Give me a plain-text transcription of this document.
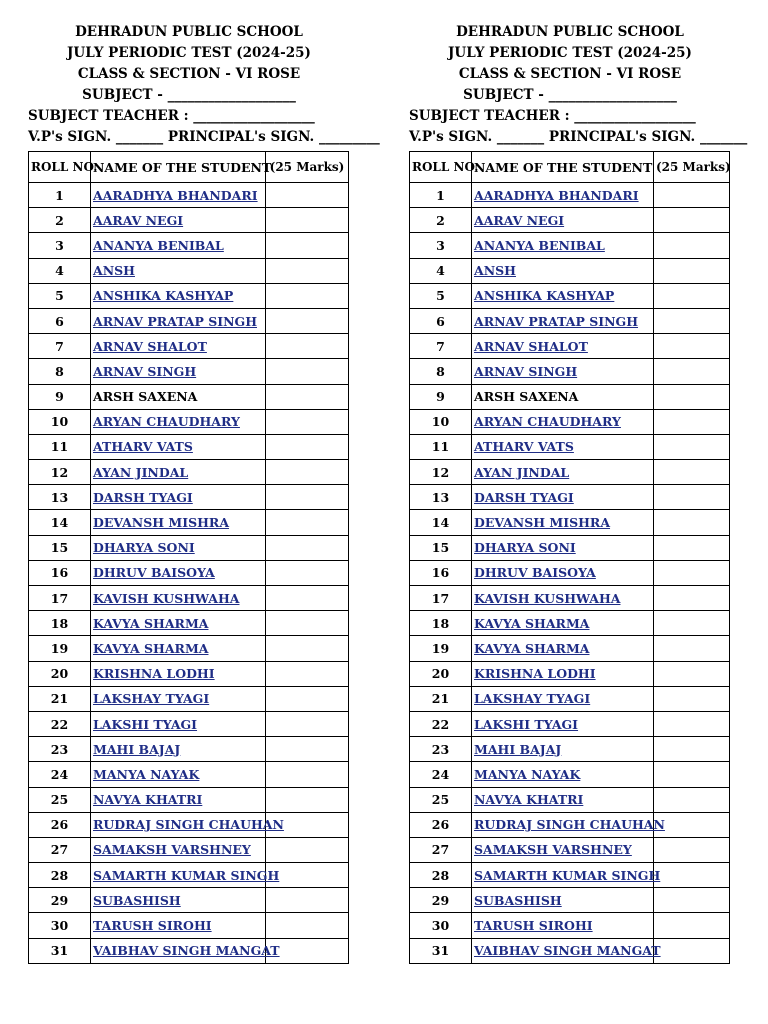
DEHRADUN PUBLIC SCHOOL
JULY PERIODIC TEST (2024-25)
CLASS & SECTION - VI ROSE
SUBJECT - ___________________
SUBJECT TEACHER : __________________
V.P's SIGN. _______ PRINCIPAL's SIGN. _________
ROLL NO.	NAME OF THE STUDENT	(25 Marks)
1	AARADHYA BHANDARI	
2	AARAV NEGI	
3	ANANYA BENIBAL	
4	ANSH	
5	ANSHIKA KASHYAP	
6	ARNAV PRATAP SINGH	
7	ARNAV SHALOT	
8	ARNAV SINGH	
9	ARSH SAXENA	
10	ARYAN CHAUDHARY	
11	ATHARV VATS	
12	AYAN JINDAL	
13	DARSH TYAGI	
14	DEVANSH MISHRA	
15	DHARYA SONI	
16	DHRUV BAISOYA	
17	KAVISH KUSHWAHA	
18	KAVYA SHARMA	
19	KAVYA SHARMA	
20	KRISHNA LODHI	
21	LAKSHAY TYAGI	
22	LAKSHI TYAGI	
23	MAHI BAJAJ	
24	MANYA NAYAK	
25	NAVYA KHATRI	
26	RUDRAJ SINGH CHAUHAN	
27	SAMAKSH VARSHNEY	
28	SAMARTH KUMAR SINGH	
29	SUBASHISH	
30	TARUSH SIROHI	
31	VAIBHAV SINGH MANGAT	
DEHRADUN PUBLIC SCHOOL
JULY PERIODIC TEST (2024-25)
CLASS & SECTION - VI ROSE
SUBJECT - ___________________
SUBJECT TEACHER : __________________
V.P's SIGN. _______ PRINCIPAL's SIGN. _______
ROLL NO.	NAME OF THE STUDENT	(25 Marks)
1	AARADHYA BHANDARI	
2	AARAV NEGI	
3	ANANYA BENIBAL	
4	ANSH	
5	ANSHIKA KASHYAP	
6	ARNAV PRATAP SINGH	
7	ARNAV SHALOT	
8	ARNAV SINGH	
9	ARSH SAXENA	
10	ARYAN CHAUDHARY	
11	ATHARV VATS	
12	AYAN JINDAL	
13	DARSH TYAGI	
14	DEVANSH MISHRA	
15	DHARYA SONI	
16	DHRUV BAISOYA	
17	KAVISH KUSHWAHA	
18	KAVYA SHARMA	
19	KAVYA SHARMA	
20	KRISHNA LODHI	
21	LAKSHAY TYAGI	
22	LAKSHI TYAGI	
23	MAHI BAJAJ	
24	MANYA NAYAK	
25	NAVYA KHATRI	
26	RUDRAJ SINGH CHAUHAN	
27	SAMAKSH VARSHNEY	
28	SAMARTH KUMAR SINGH	
29	SUBASHISH	
30	TARUSH SIROHI	
31	VAIBHAV SINGH MANGAT	
